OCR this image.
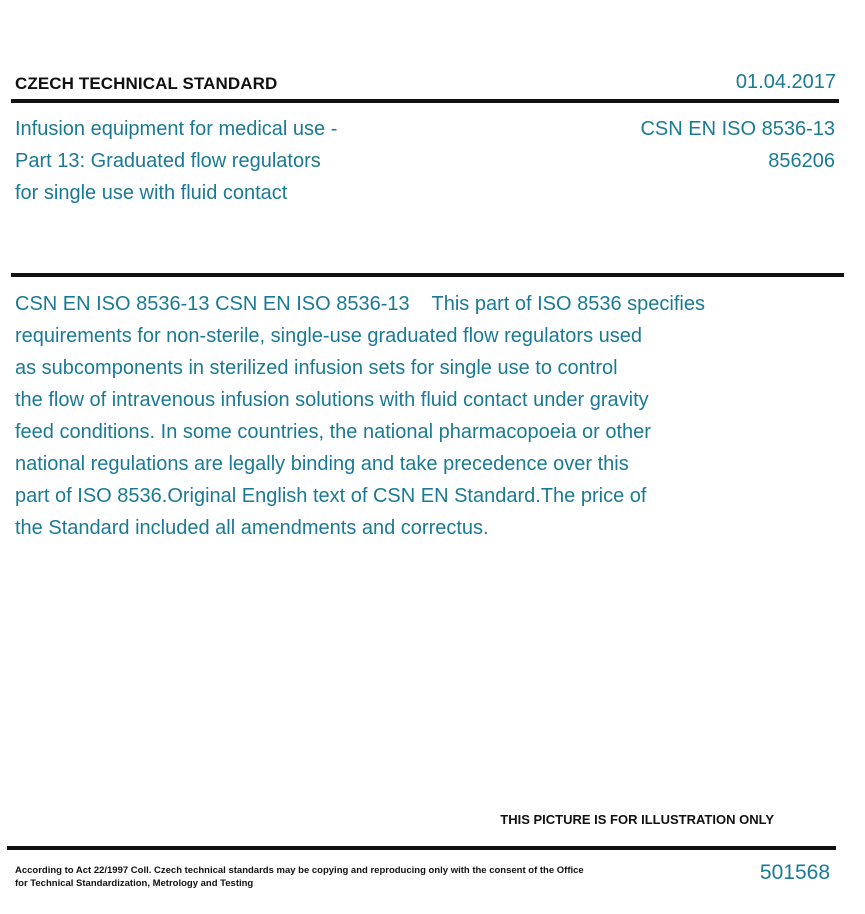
CZECH TECHNICAL STANDARD	01.04.2017
Infusion equipment for medical use -
Part 13: Graduated flow regulators
for single use with fluid contact
CSN EN ISO 8536-13
856206
CSN EN ISO 8536-13 CSN EN ISO 8536-13    This part of ISO 8536 specifies
requirements for non-sterile, single-use graduated flow regulators used
as subcomponents in sterilized infusion sets for single use to control
the flow of intravenous infusion solutions with fluid contact under gravity
feed conditions. In some countries, the national pharmacopoeia or other
national regulations are legally binding and take precedence over this
part of ISO 8536.Original English text of CSN EN Standard.The price of
the Standard included all amendments and correctus.
THIS PICTURE IS FOR ILLUSTRATION ONLY
According to Act 22/1997 Coll. Czech technical standards may be copying and reproducing only with the consent of the Office
for Technical Standardization, Metrology and Testing	501568
